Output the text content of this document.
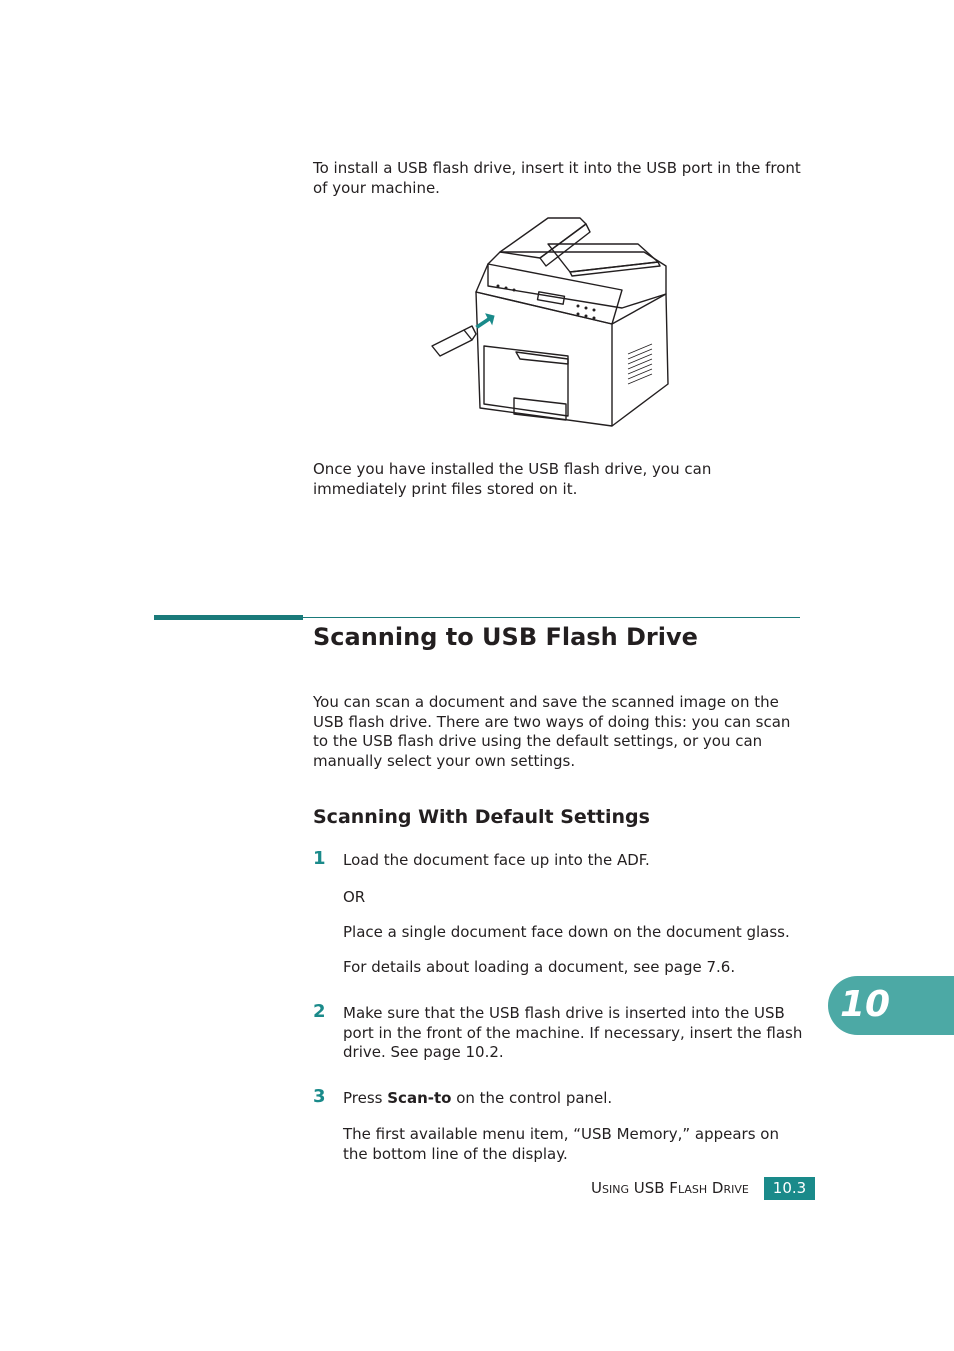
To install a USB flash drive, insert it into the USB port in the front of your machine.
Once you have installed the USB flash drive, you can immediately print files stored on it.
Scanning to USB Flash Drive
You can scan a document and save the scanned image on the USB flash drive. There are two ways of doing this: you can scan to the USB flash drive using the default settings, or you can manually select your own settings.
Scanning With Default Settings
1 Load the document face up into the ADF.
OR
Place a single document face down on the document glass.
For details about loading a document, see page 7.6.
2 Make sure that the USB flash drive is inserted into the USB port in the front of the machine. If necessary, insert the flash drive. See page 10.2.
3 Press Scan-to on the control panel.
The first available menu item, “USB Memory,” appears on the bottom line of the display.
10
USING USB FLASH DRIVE	10.3
